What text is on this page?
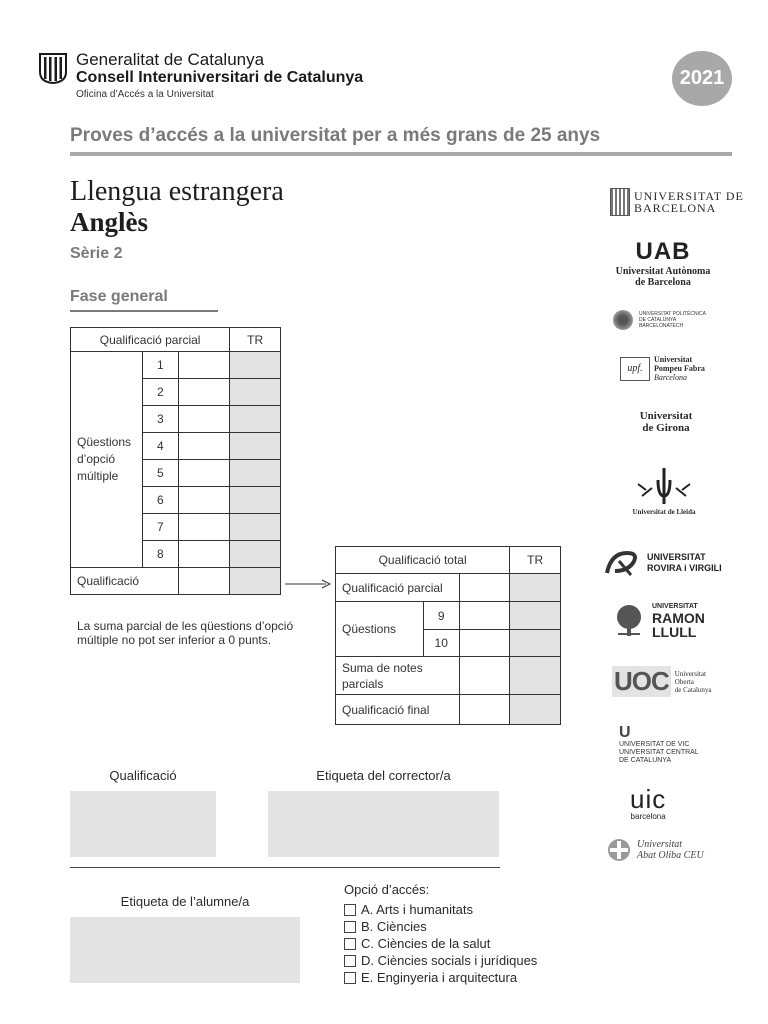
Generalitat de Catalunya
Consell Interuniversitari de Catalunya
Oficina d’Accés a la Universitat
2021
Proves d’accés a la universitat per a més grans de 25 anys
Llengua estrangera
Anglès
Sèrie 2
Fase general
Qualificació parcial			TR
Qüestions d’opció múltiple	1		
	2		
	3		
	4		
	5		
	6		
	7		
	8		
Qualificació			
La suma parcial de les qüestions d’opció múltiple no pot ser inferior a 0 punts.
Qualificació total			TR
Qualificació parcial			
Qüestions	9		
	10		
Suma de notes parcials			
Qualificació final			
Qualificació	Etiqueta del corrector/a
Etiqueta de l’alumne/a
Opció d’accés:
A. Arts i humanitats
B. Ciències
C. Ciències de la salut
D. Ciències socials i jurídiques
E. Enginyeria i arquitectura
UNIVERSITAT DE
BARCELONA
UAB
Universitat Autònoma
de Barcelona
UNIVERSITAT POLITÈCNICA
DE CATALUNYA
BARCELONATECH
upf.
Universitat
Pompeu Fabra
Barcelona
Universitat
de Girona
Universitat de Lleida
UNIVERSITAT
ROVIRA i VIRGILI
UNIVERSITAT
RAMON
LLULL
UOC Universitat
Oberta
de Catalunya
U
UNIVERSITAT DE VIC
UNIVERSITAT CENTRAL
DE CATALUNYA
uic
barcelona
Universitat
Abat Oliba CEU
